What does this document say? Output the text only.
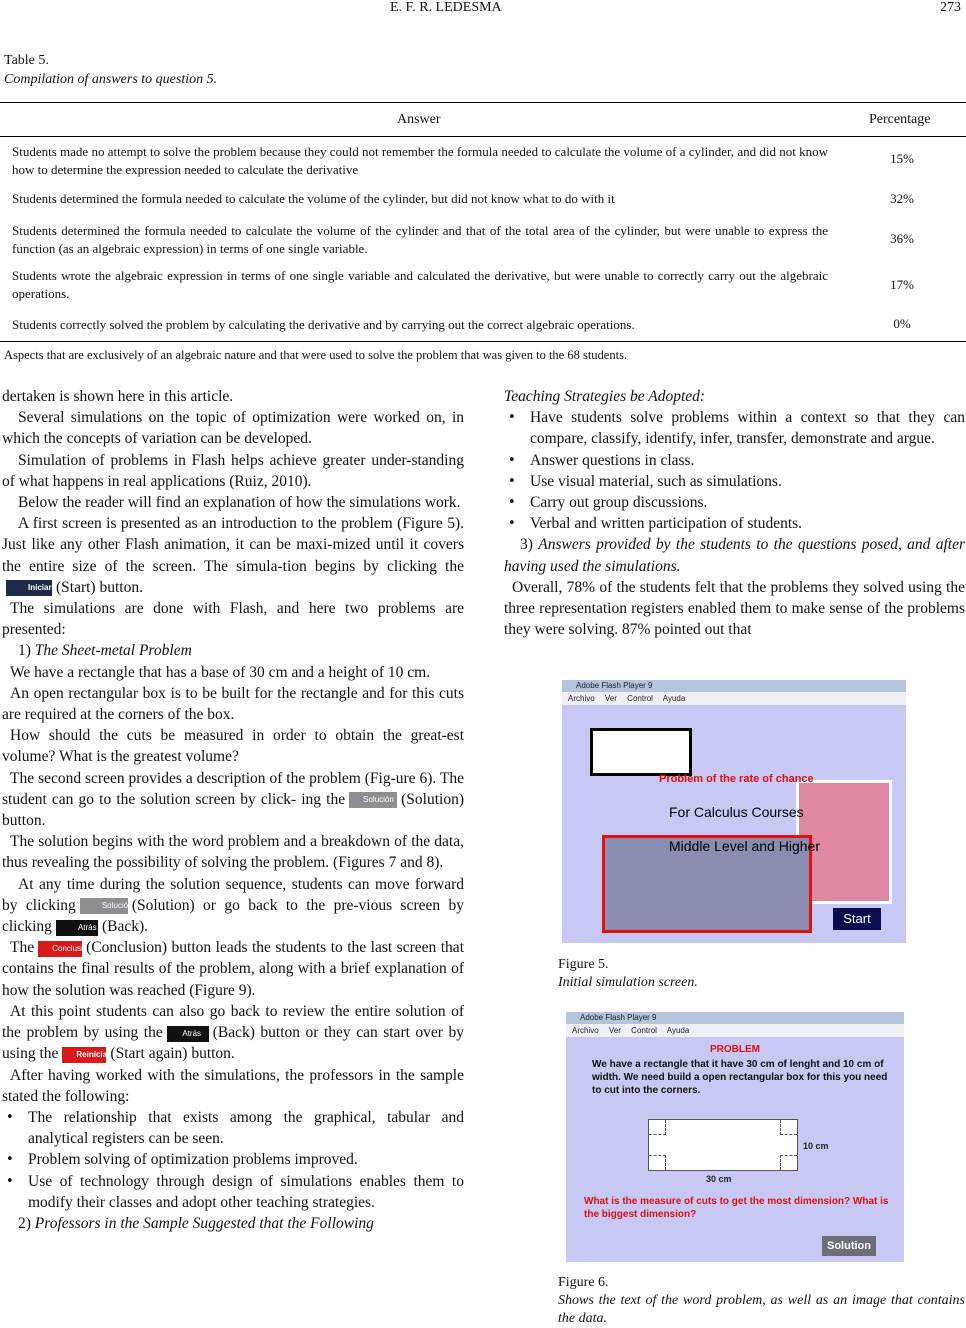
E. F. R. LEDESMA	273
Table 5.
Compilation of answers to question 5.
Answer	Percentage
Students made no attempt to solve the problem because they could not remember the formula needed to calculate the volume of a cylinder, and did not know how to determine the expression needed to calculate the derivative
15%
Students determined the formula needed to calculate the volume of the cylinder, but did not know what to do with it	32%
Students determined the formula needed to calculate the volume of the cylinder and that of the total area of the cylinder, but were unable to express the function (as an algebraic expression) in terms of one single variable.
36%
Students wrote the algebraic expression in terms of one single variable and calculated the derivative, but were unable to correctly carry out the algebraic operations.
17%
Students correctly solved the problem by calculating the derivative and by carrying out the correct algebraic operations.	0%
Aspects that are exclusively of an algebraic nature and that were used to solve the problem that was given to the 68 students.

dertaken is shown here in this article.

Several simulations on the topic of optimization were worked on, in which the concepts of variation can be developed.

Simulation of problems in Flash helps achieve greater under-standing of what happens in real applications (Ruiz, 2010).

Below the reader will find an explanation of how the simulations work.

A first screen is presented as an introduction to the problem (Figure 5). Just like any other Flash animation, it can be maxi-mized until it covers the entire size of the screen. The simula-tion begins by clicking theIniciar (Start) button.

The simulations are done with Flash, and here two problems are presented:

1) The Sheet-metal Problem

We have a rectangle that has a base of 30 cm and a height of 10 cm.

An open rectangular box is to be built for the rectangle and for this cuts are required at the corners of the box.

How should the cuts be measured in order to obtain the great-est volume? What is the greatest volume?

The second screen provides a description of the problem (Fig-ure 6). The student can go to the solution screen by click- ing the Solución (Solution) button.

The solution begins with the word problem and a breakdown of the data, thus revealing the possibility of solving the problem. (Figures 7 and 8).

At any time during the solution sequence, students can move forward by clicking	Solución(Solution) or go back to the pre-vious screen by clicking	Atrás (Back).

The Conclusión(Conclusion) button leads the students to the last screen that contains the final results of the problem, along with a brief explanation of how the solution was reached (Figure 9).

At this point students can also go back to review the entire solution of the problem by using the Atrás (Back) button or they can start over by using the Reiniciar(Start again) button.

After having worked with the simulations, the professors in the sample stated the following:

• The relationship that exists among the graphical, tabular and analytical registers can be seen.
• Problem solving of optimization problems improved.
• Use of technology through design of simulations enables them to modify their classes and adopt other teaching strategies.

2) Professors in the Sample Suggested that the Following

Teaching Strategies be Adopted:

• Have students solve problems within a context so that they can compare, classify, identify, infer, transfer, demonstrate and argue.
• Answer questions in class.
• Use visual material, such as simulations.
• Carry out group discussions.
• Verbal and written participation of students.

3) Answers provided by the students to the questions posed, and after having used the simulations.

Overall, 78% of the students felt that the problems they solved using the three representation registers enabled them to make sense of the problems they were solving. 87% pointed out that

Adobe Flash Player 9
Archivo Ver Control Ayuda
Problem of the rate of chance
For Calculus Courses
Middle Level and Higher
Start
Figure 5.
Initial simulation screen.
Adobe Flash Player 9
Archivo Ver Control Ayuda
PROBLEM
We have a rectangle that it have 30 cm of lenght and 10 cm of width. We need build a open rectangular box for this you need to cut into the corners.
10 cm
30 cm
What is the measure of cuts to get the most dimension? What is the biggest dimension?
Solution
Figure 6.
Shows the text of the word problem, as well as an image that contains the data.
